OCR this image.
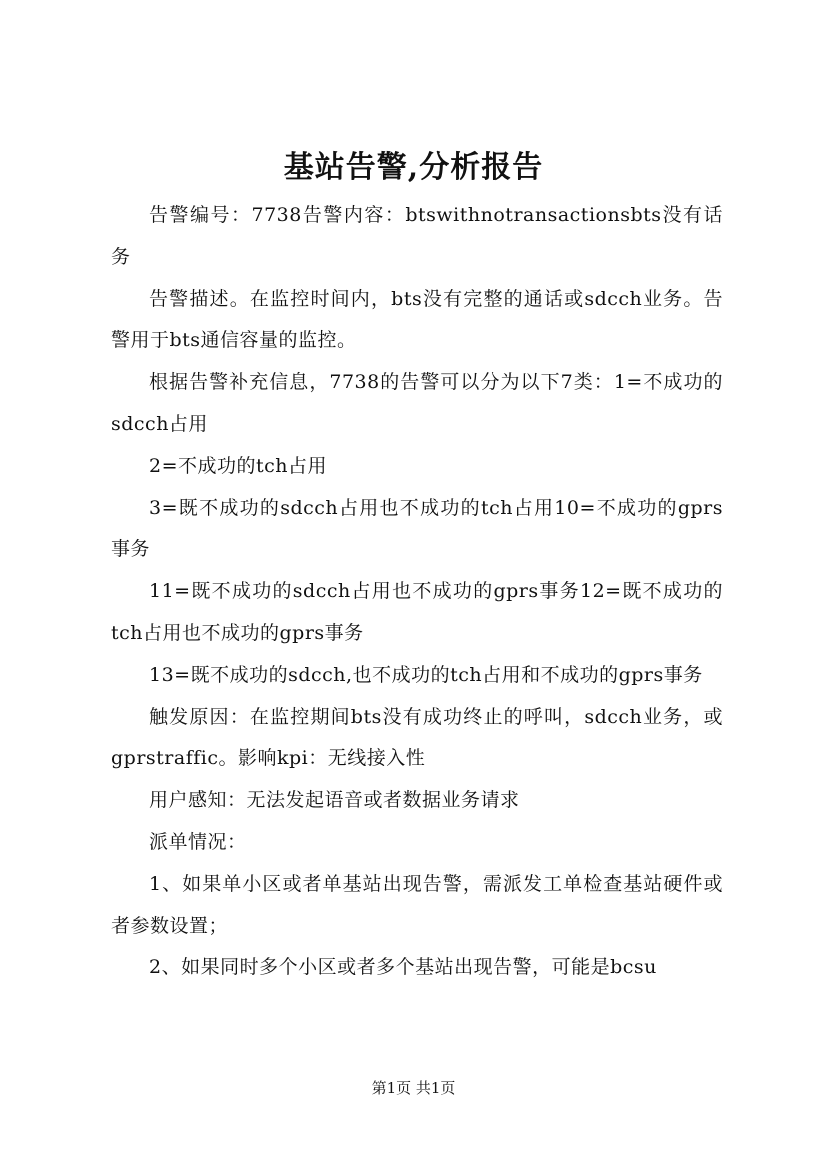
基站告警,分析报告

告警编号：7738告警内容：btswithnotransactionsbts没有话务

告警描述。在监控时间内，bts没有完整的通话或sdcch业务。告警用于bts通信容量的监控。

根据告警补充信息，7738的告警可以分为以下7类：1=不成功的sdcch占用

2=不成功的tch占用

3=既不成功的sdcch占用也不成功的tch占用10=不成功的gprs事务

11=既不成功的sdcch占用也不成功的gprs事务12=既不成功的tch占用也不成功的gprs事务

13=既不成功的sdcch,也不成功的tch占用和不成功的gprs事务

触发原因：在监控期间bts没有成功终止的呼叫，sdcch业务，或gprstraffic。影响kpi：无线接入性

用户感知：无法发起语音或者数据业务请求

派单情况：

1、如果单小区或者单基站出现告警，需派发工单检查基站硬件或者参数设置；

2、如果同时多个小区或者多个基站出现告警，可能是bcsu

第1页 共1页
